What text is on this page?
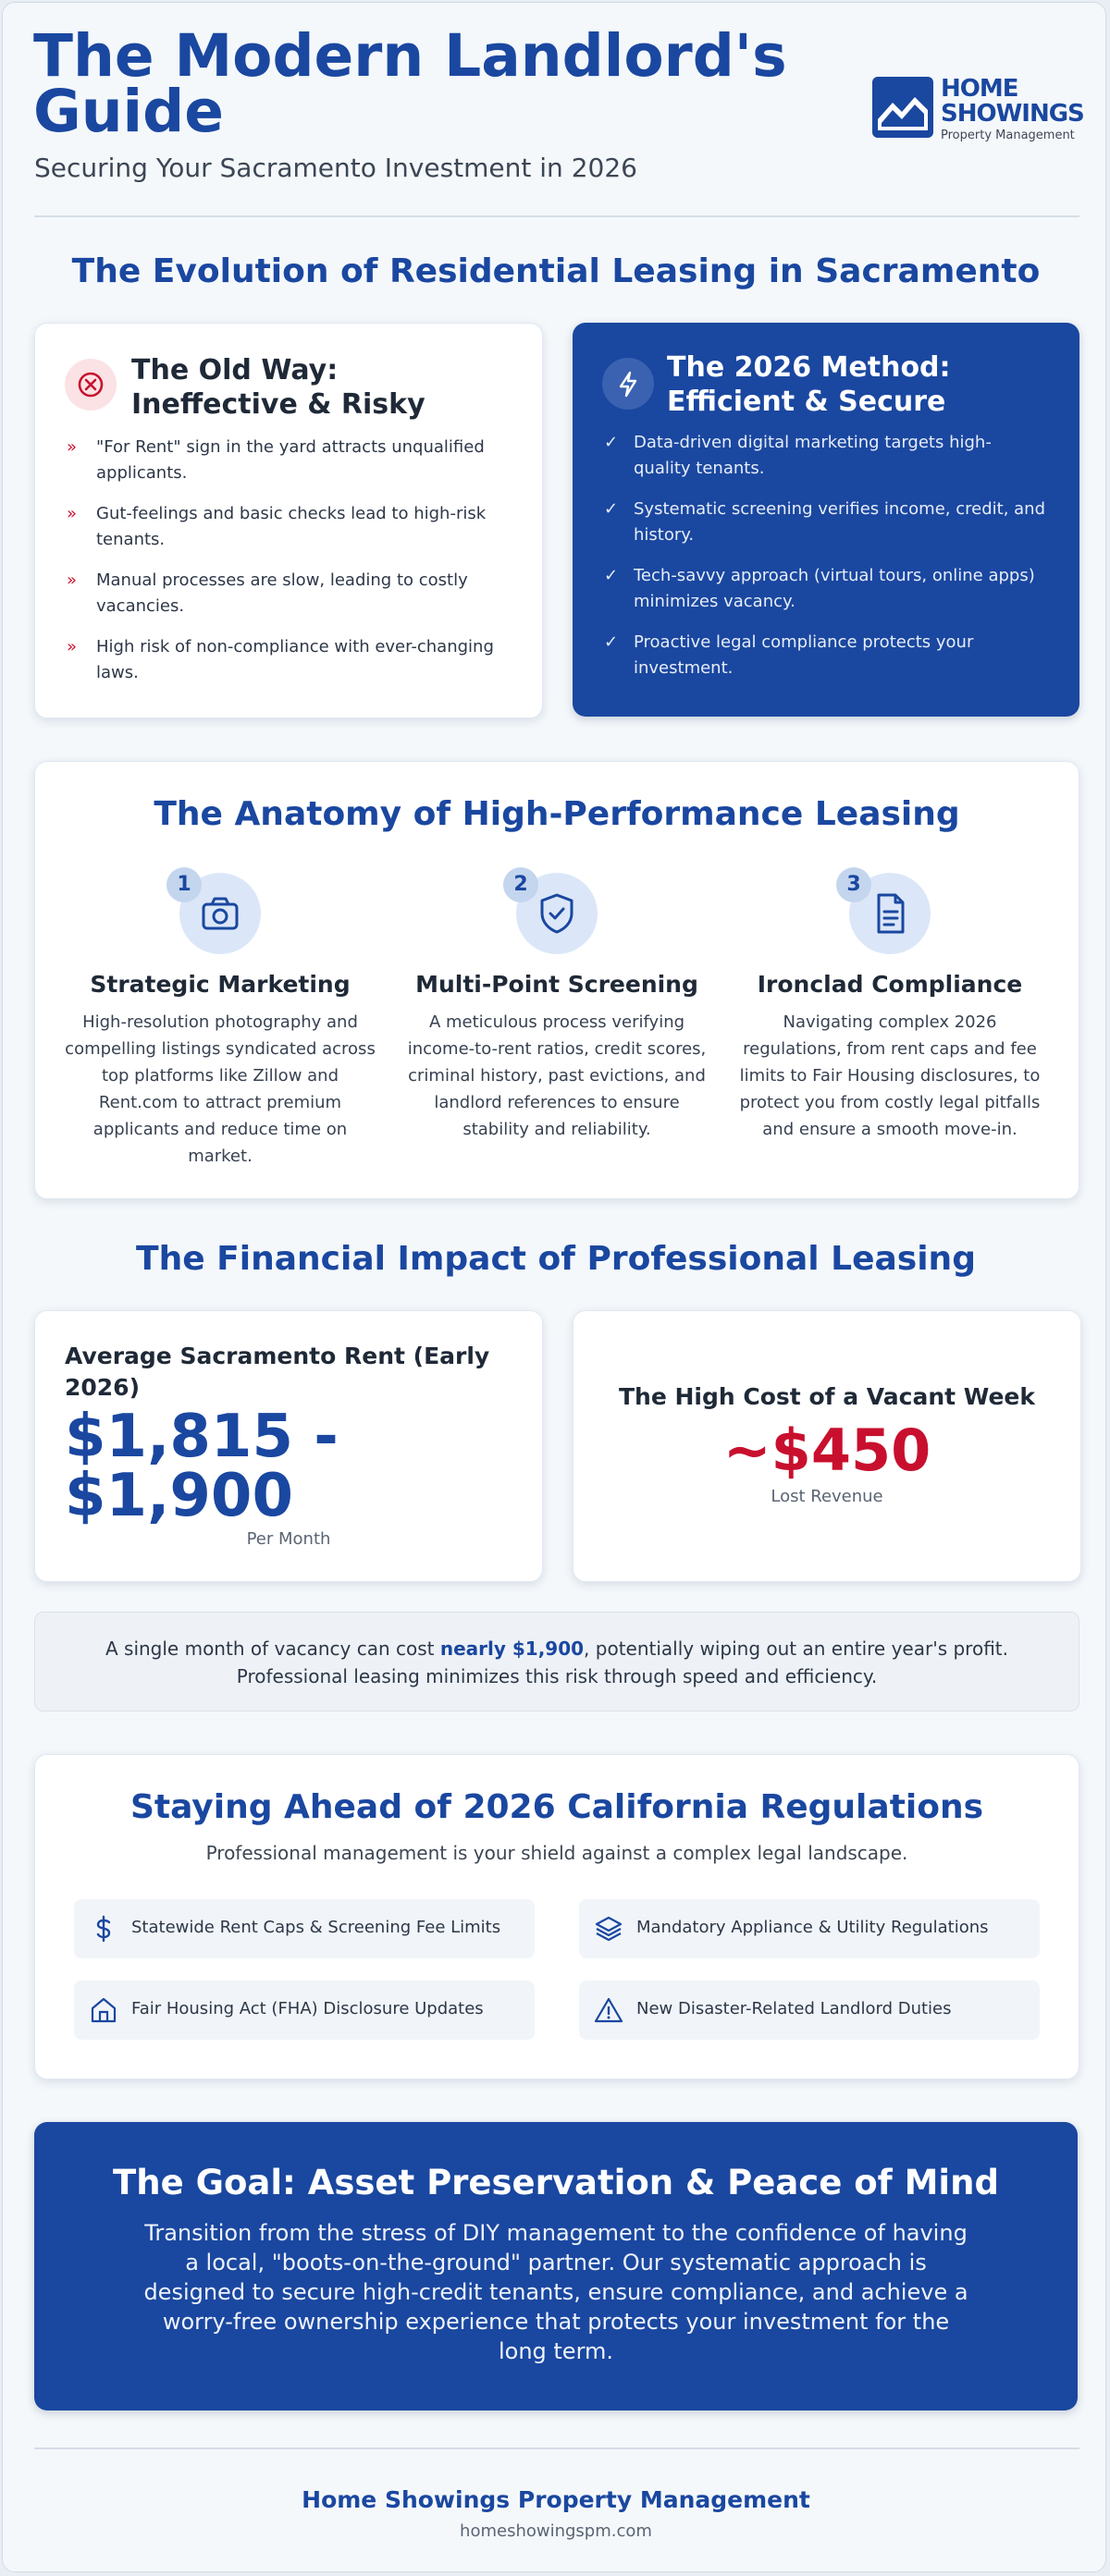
The Modern Landlord's Guide
Securing Your Sacramento Investment in 2026
HOME
SHOWINGS
Property Management
The Evolution of Residential Leasing in Sacramento
The Old Way:
Ineffective & Risky
» "For Rent" sign in the yard attracts unqualified applicants.
» Gut-feelings and basic checks lead to high-risk tenants.
» Manual processes are slow, leading to costly vacancies.
» High risk of non-compliance with ever-changing laws.
The 2026 Method:
Efficient & Secure
✓ Data-driven digital marketing targets high-quality tenants.
✓ Systematic screening verifies income, credit, and history.
✓ Tech-savvy approach (virtual tours, online apps) minimizes vacancy.
✓ Proactive legal compliance protects your investment.
The Anatomy of High-Performance Leasing
1
Strategic Marketing
High-resolution photography and compelling listings syndicated across top platforms like Zillow and Rent.com to attract premium applicants and reduce time on market.
2
Multi-Point Screening
A meticulous process verifying income-to-rent ratios, credit scores, criminal history, past evictions, and landlord references to ensure stability and reliability.
3
Ironclad Compliance
Navigating complex 2026 regulations, from rent caps and fee limits to Fair Housing disclosures, to protect you from costly legal pitfalls and ensure a smooth move-in.
The Financial Impact of Professional Leasing
Average Sacramento Rent (Early 2026)
$1,815 -
$1,900
Per Month
The High Cost of a Vacant Week
~$450
Lost Revenue
A single month of vacancy can cost nearly $1,900, potentially wiping out an entire year's profit.
Professional leasing minimizes this risk through speed and efficiency.
Staying Ahead of 2026 California Regulations
Professional management is your shield against a complex legal landscape.
Statewide Rent Caps & Screening Fee Limits	Mandatory Appliance & Utility Regulations
Fair Housing Act (FHA) Disclosure Updates	New Disaster-Related Landlord Duties
The Goal: Asset Preservation & Peace of Mind
Transition from the stress of DIY management to the confidence of having a local, "boots-on-the-ground" partner. Our systematic approach is designed to secure high-credit tenants, ensure compliance, and achieve a worry-free ownership experience that protects your investment for the long term.
Home Showings Property Management
homeshowingspm.com
